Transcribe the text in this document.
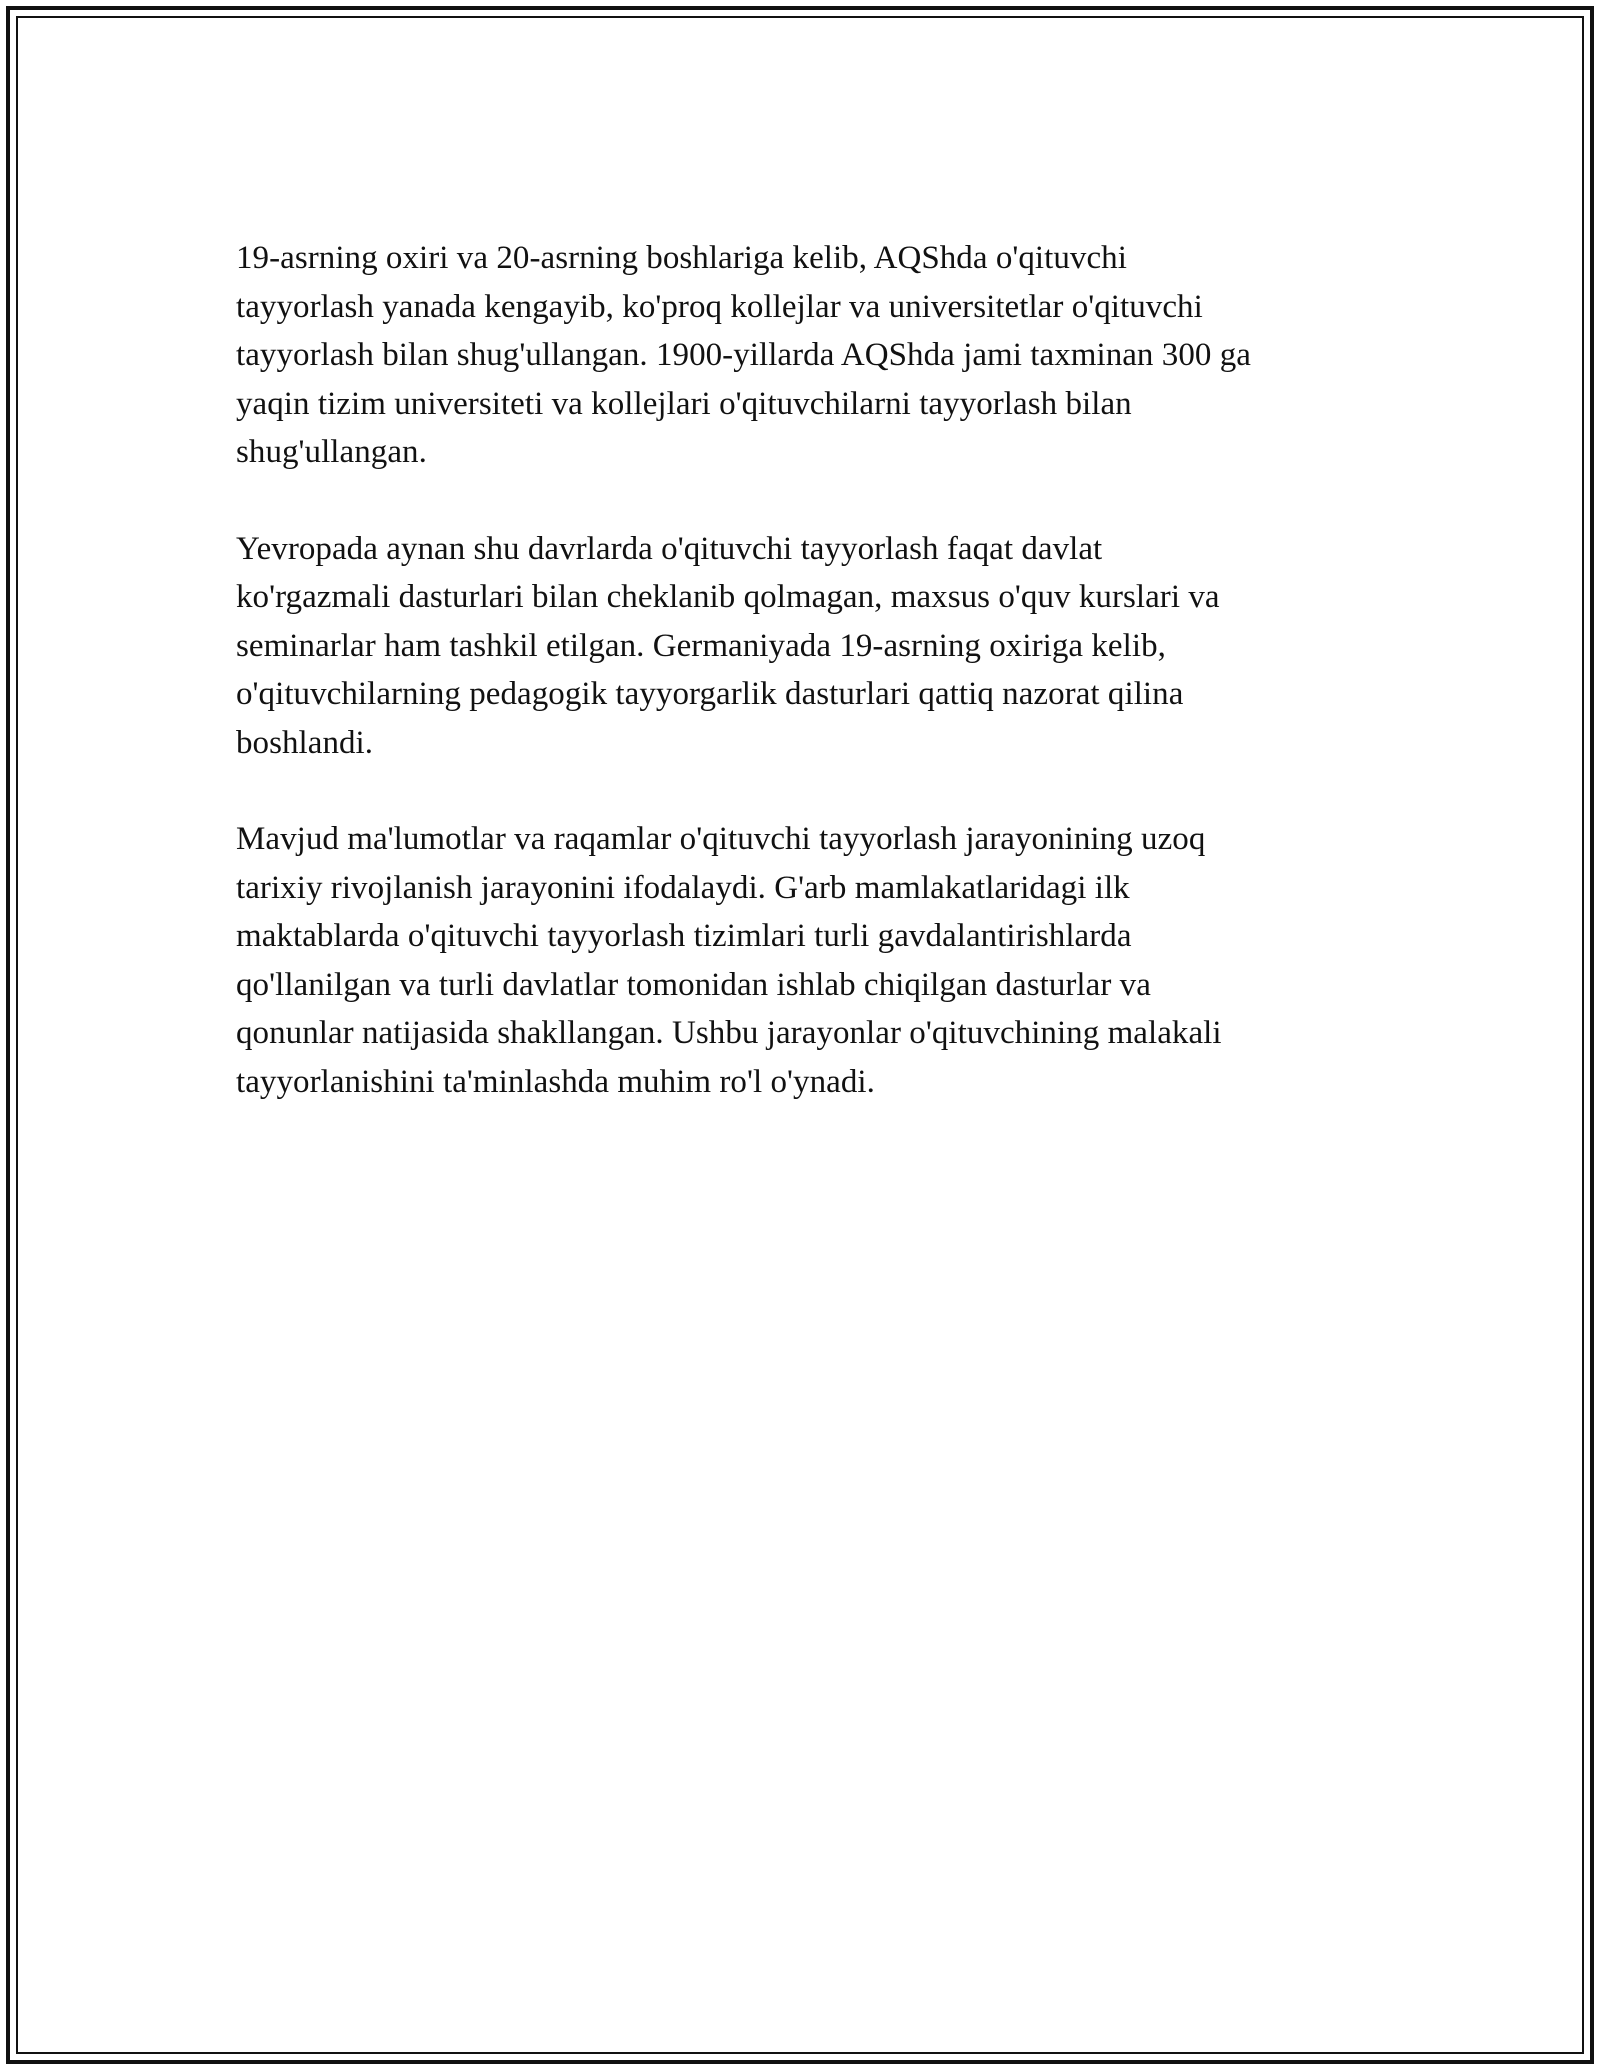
19-asrning oxiri va 20-asrning boshlariga kelib, AQShda o'qituvchi
tayyorlash yanada kengayib, ko'proq kollejlar va universitetlar o'qituvchi
tayyorlash bilan shug'ullangan. 1900-yillarda AQShda jami taxminan 300 ga
yaqin tizim universiteti va kollejlari o'qituvchilarni tayyorlash bilan
shug'ullangan.

Yevropada aynan shu davrlarda o'qituvchi tayyorlash faqat davlat
ko'rgazmali dasturlari bilan cheklanib qolmagan, maxsus o'quv kurslari va
seminarlar ham tashkil etilgan. Germaniyada 19-asrning oxiriga kelib,
o'qituvchilarning pedagogik tayyorgarlik dasturlari qattiq nazorat qilina
boshlandi.

Mavjud ma'lumotlar va raqamlar o'qituvchi tayyorlash jarayonining uzoq
tarixiy rivojlanish jarayonini ifodalaydi. G'arb mamlakatlaridagi ilk
maktablarda o'qituvchi tayyorlash tizimlari turli gavdalantirishlarda
qo'llanilgan va turli davlatlar tomonidan ishlab chiqilgan dasturlar va
qonunlar natijasida shakllangan. Ushbu jarayonlar o'qituvchining malakali
tayyorlanishini ta'minlashda muhim ro'l o'ynadi.
